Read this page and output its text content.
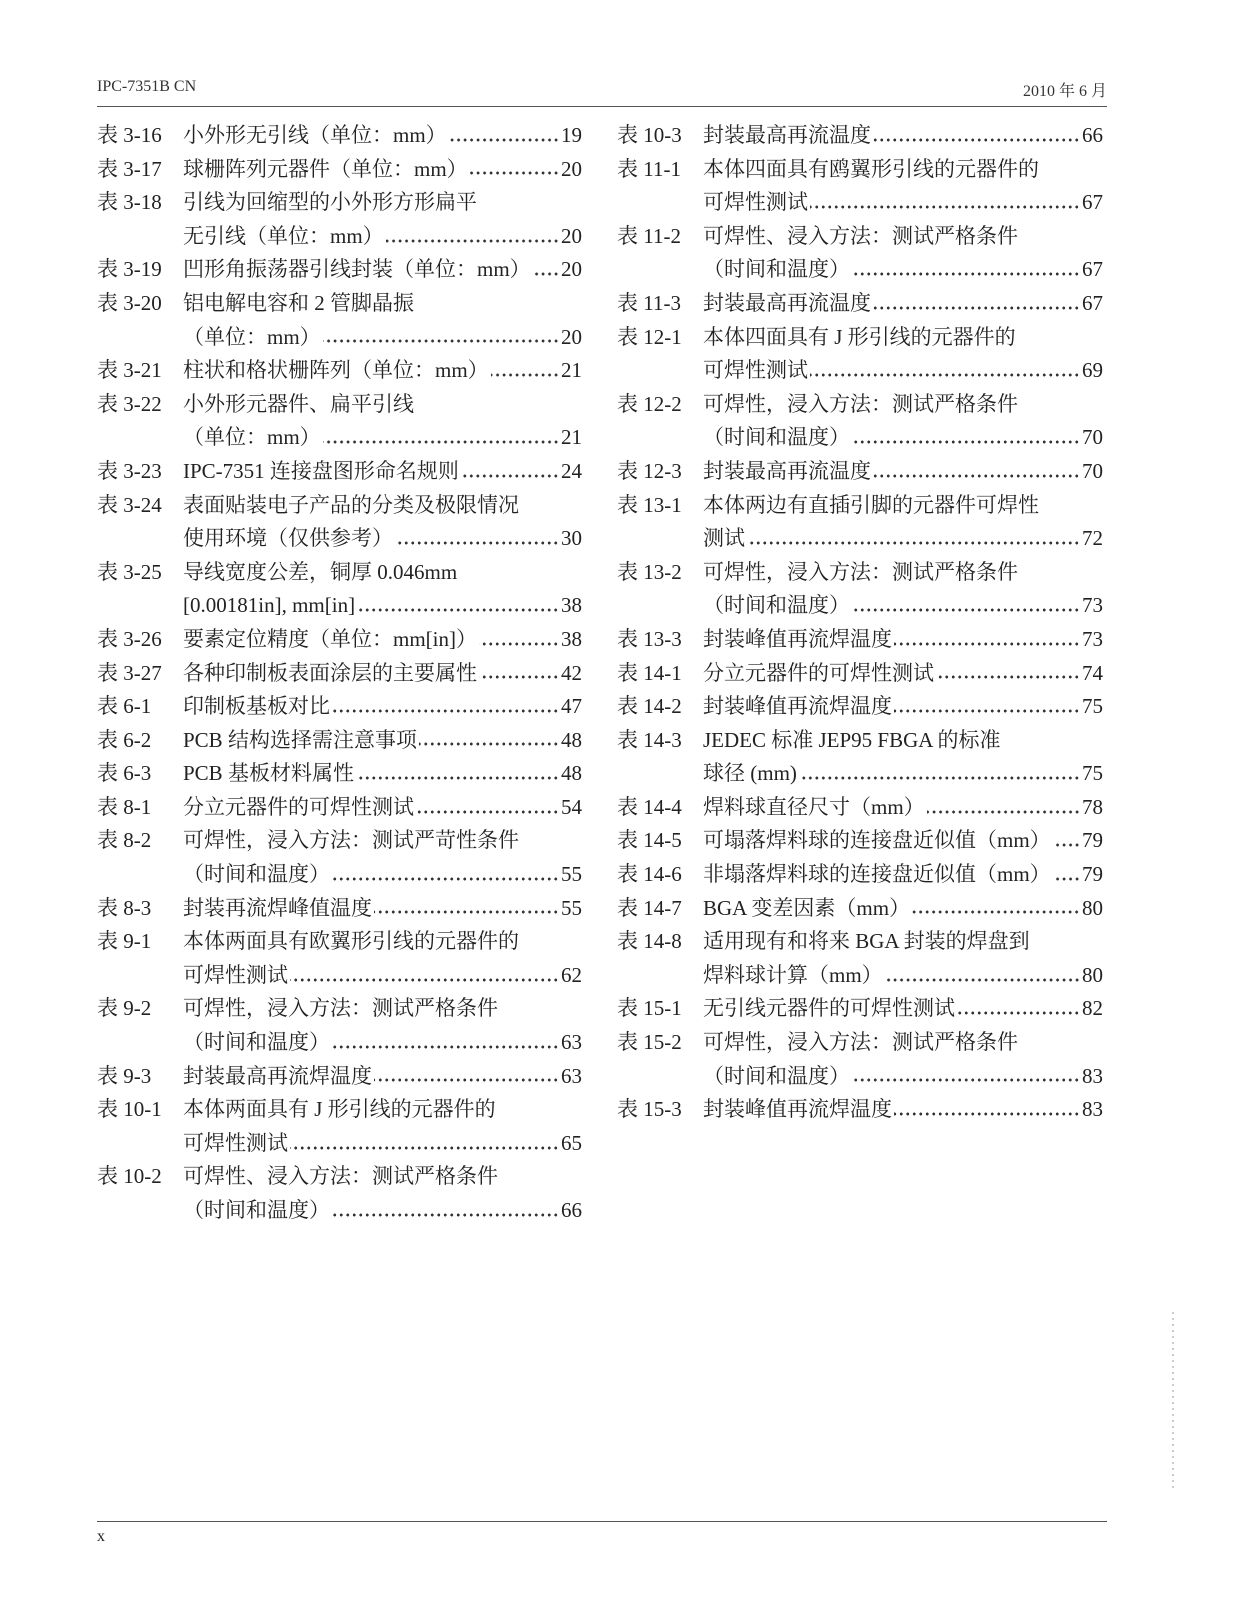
IPC-7351B CN	2010 年 6 月
表 3-16	小外形无引线（单位：mm）	19
表 3-17	球栅阵列元器件（单位：mm）	20
表 3-18	引线为回缩型的小外形方形扁平
无引线（单位：mm）	20
表 3-19	凹形角振荡器引线封装（单位：mm） 20
表 3-20	铝电解电容和 2 管脚晶振
（单位：mm）	20
表 3-21	柱状和格状栅阵列（单位：mm）	21
表 3-22	小外形元器件、扁平引线
（单位：mm）	21
表 3-23	IPC-7351 连接盘图形命名规则	24
表 3-24	表面贴装电子产品的分类及极限情况
使用环境（仅供参考）	30
表 3-25	导线宽度公差，铜厚 0.046mm
[0.00181in], mm[in]	38
表 3-26	要素定位精度（单位：mm[in]）	38
表 3-27	各种印制板表面涂层的主要属性	42
表 6-1	印制板基板对比	47
表 6-2	PCB 结构选择需注意事项	48
表 6-3	PCB 基板材料属性	48
表 8-1	分立元器件的可焊性测试	54
表 8-2	可焊性，浸入方法：测试严苛性条件
（时间和温度）	55
表 8-3	封装再流焊峰值温度	55
表 9-1	本体两面具有欧翼形引线的元器件的
可焊性测试	62
表 9-2	可焊性，浸入方法：测试严格条件
（时间和温度）	63
表 9-3	封装最高再流焊温度	63
表 10-1	本体两面具有 J 形引线的元器件的
可焊性测试	65
表 10-2	可焊性、浸入方法：测试严格条件
（时间和温度）	66
表 10-3	封装最高再流温度	66
表 11-1	本体四面具有鸥翼形引线的元器件的
可焊性测试	67
表 11-2	可焊性、浸入方法：测试严格条件
（时间和温度）	67
表 11-3	封装最高再流温度	67
表 12-1	本体四面具有 J 形引线的元器件的
可焊性测试	69
表 12-2	可焊性，浸入方法：测试严格条件
（时间和温度）	70
表 12-3	封装最高再流温度	70
表 13-1	本体两边有直插引脚的元器件可焊性
测试	72
表 13-2	可焊性，浸入方法：测试严格条件
（时间和温度）	73
表 13-3	封装峰值再流焊温度	73
表 14-1	分立元器件的可焊性测试	74
表 14-2	封装峰值再流焊温度	75
表 14-3	JEDEC 标准 JEP95 FBGA 的标准
球径 (mm)	75
表 14-4	焊料球直径尺寸（mm）	78
表 14-5	可塌落焊料球的连接盘近似值（mm） 79
表 14-6	非塌落焊料球的连接盘近似值（mm） 79
表 14-7	BGA 变差因素（mm）	80
表 14-8	适用现有和将来 BGA 封装的焊盘到
焊料球计算（mm）	80
表 15-1	无引线元器件的可焊性测试	82
表 15-2	可焊性，浸入方法：测试严格条件
（时间和温度）	83
表 15-3	封装峰值再流焊温度	83
x
